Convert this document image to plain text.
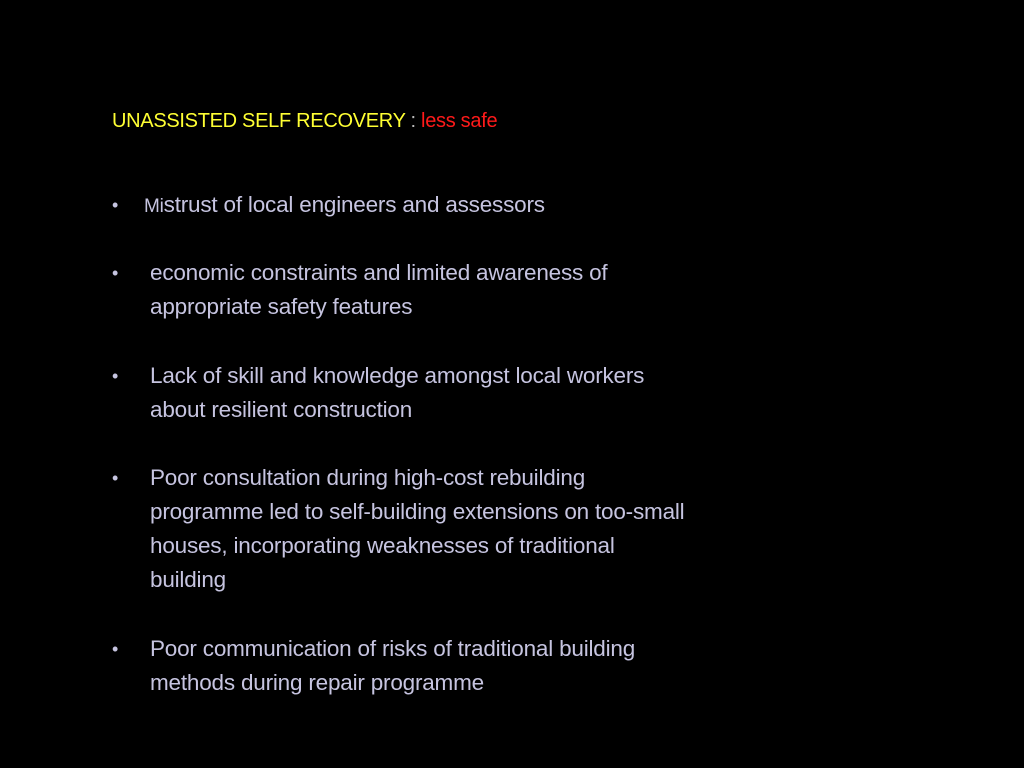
UNASSISTED SELF RECOVERY : less safe
• Mistrust of local engineers and assessors
• economic constraints and limited awareness of
appropriate safety features
• Lack of skill and knowledge amongst local workers
about resilient construction
• Poor consultation during high-cost rebuilding
programme led to self-building extensions on too-small
houses, incorporating weaknesses of traditional
building
• Poor communication of risks of traditional building
methods during repair programme
